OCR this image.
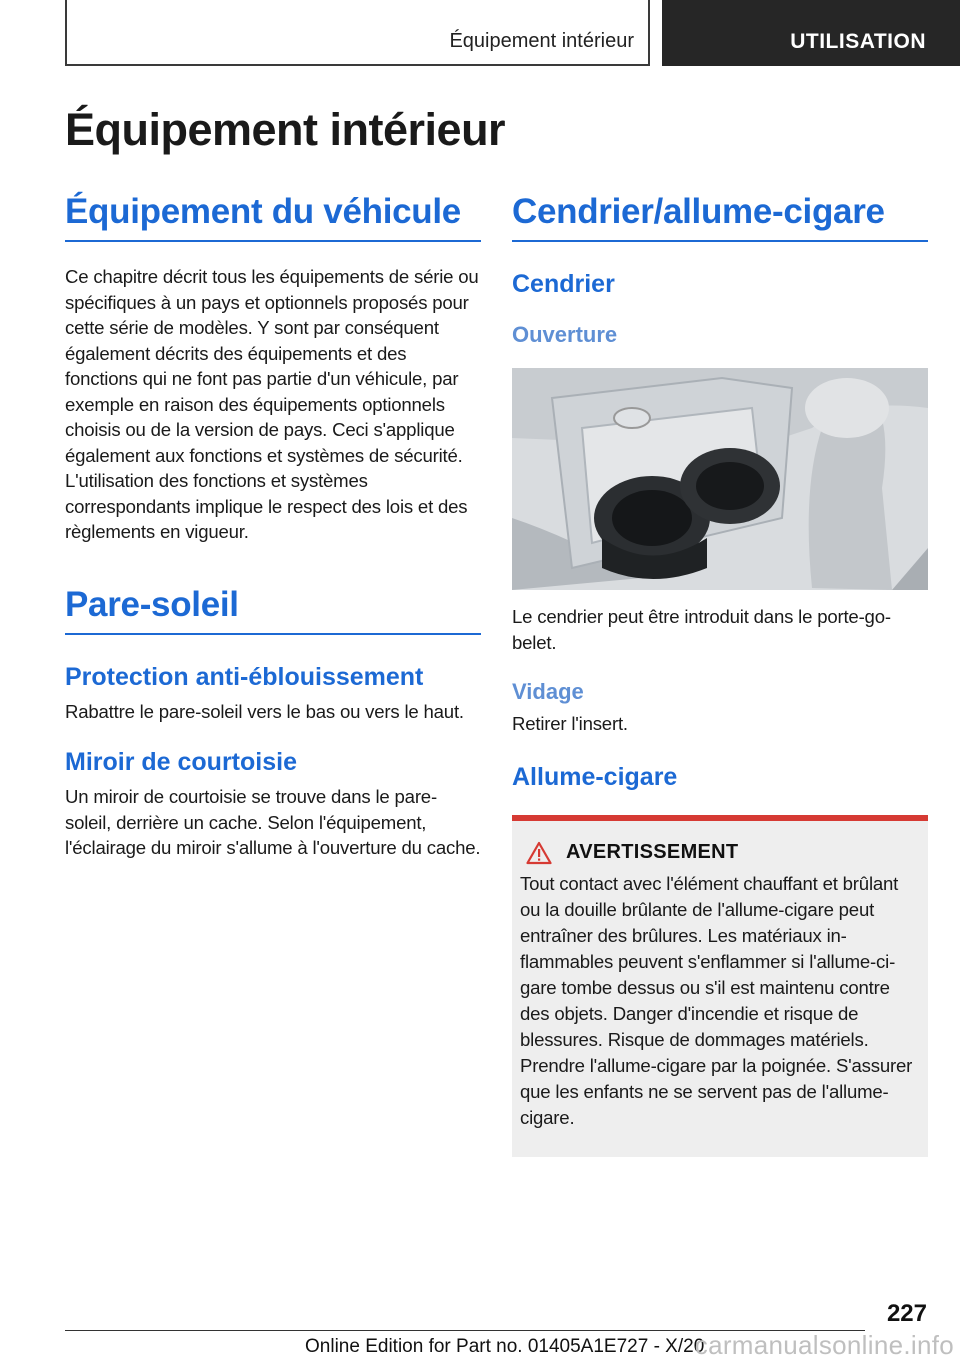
Équipement intérieur	UTILISATION
Équipement intérieur
Équipement du véhicule

Ce chapitre décrit tous les équipements de série ou spécifiques à un pays et optionnels proposés pour cette série de modèles. Y sont par conséquent également décrits des équipements et des fonctions qui ne font pas partie d'un véhicule, par exemple en raison des équipements optionnels choisis ou de la version de pays. Ceci s'applique également aux fonctions et systèmes de sécurité. L'utilisation des fonctions et systèmes correspondants implique le respect des lois et des règlements en vigueur.

Pare-soleil
Protection anti-éblouissement

Rabattre le pare-soleil vers le bas ou vers le haut.

Miroir de courtoisie

Un miroir de courtoisie se trouve dans le pare-soleil, derrière un cache. Selon l'équipement, l'éclairage du miroir s'allume à l'ouverture du cache.

Cendrier/allume-cigare
Cendrier
Ouverture

Le cendrier peut être introduit dans le porte-gobelet.

Vidage

Retirer l'insert.

Allume-cigare
AVERTISSEMENT

Tout contact avec l'élément chauffant et brûlant ou la douille brûlante de l'allume-cigare peut entraîner des brûlures. Les matériaux inflammables peuvent s'enflammer si l'allume-cigare tombe dessus ou s'il est maintenu contre des objets. Danger d'incendie et risque de blessures. Risque de dommages matériels. Prendre l'allume-cigare par la poignée. S'assurer que les enfants ne se servent pas de l'allume-cigare.

227
Online Edition for Part no. 01405A1E727 - X/20
carmanualsonline.info
